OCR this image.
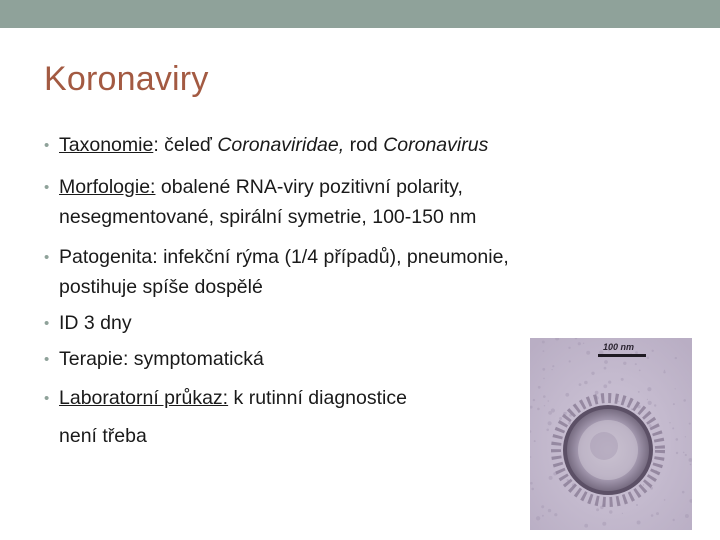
Koronaviry
• Taxonomie: čeleď Coronaviridae, rod Coronavirus
• Morfologie: obalené RNA-viry pozitivní polarity,
nesegmentované, spirální symetrie, 100-150 nm
• Patogenita: infekční rýma (1/4 případů), pneumonie,
postihuje spíše dospělé
• ID 3 dny
• Terapie: symptomatická
• Laboratorní průkaz: k rutinní diagnostice
není třeba
100 nm
